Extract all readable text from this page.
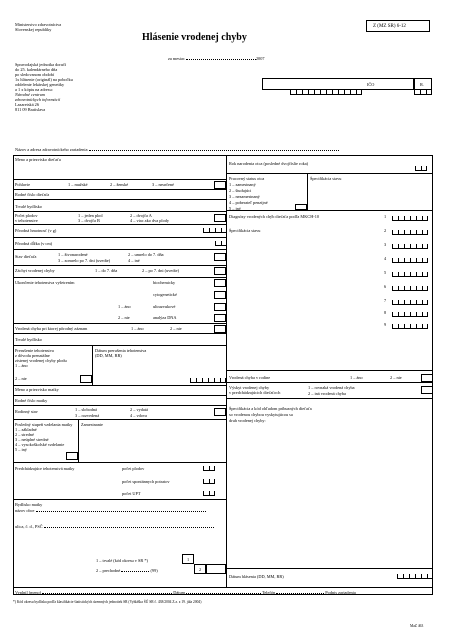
Ministerstvo zdravotníctva
Slovenskej republiky
Z (MZ SR) 6-12
Hlásenie vrodenej chyby
za mesiac	2007
Spravodajská jednotka doručí
do 25. kalendárneho dňa
po sledovanom období
1x hlásenie (originál) na pobočku
oddelenie lekárskej genetiky
a 1 x kópiu na adresu:
Národné centrum
zdravotníckych informácií
Lazaretská 26
811 09 Bratislava
IČO	R.
Názov a adresa zdravotníckeho zariadenia
Meno a priezvisko dieťaťa
Pohlavie	1 – mužské	2 – ženské	3 – neurčené
Rodné číslo dieťaťa
Trvalé bydlisko
Počet plodov
v tehotenstve
1 – jeden plod	2 – dvojča A
3 – dvojča B	4 – viac ako dva plody
Pôrodná hmotnosť (v g)
Pôrodná dĺžka (v cm)
Stav dieťaťa	1 – živonarodené	2 – umrelo do 7. dňa
3 – zomrelo po 7. dni (uvedte)	4 – iné
Záchyt vrodenej chyby	1 – do 7. dňa	2 – po 7. dni (uvedte)
Ukončenie tehotenstva vyšetrením	biochemicky
cytogenetické
ultrazvukové
analýza DNA
1 – áno
2 – nie
Vrodená chyba pri ktorej pôrodný záznam	1 – áno	2 – nie
Trvalé bydlisko
Prerušenie tehotenstva
z dôvodu prenatálne
zistenej vrodenej chyby plodu
1 – áno
2 – nie
Dátum prerušenia tehotenstva
(DD, MM, RR)
Meno a priezvisko matky
Rodné číslo matky
Rodinný stav	1 – slobodná	2 – vydatá
3 – rozvedená	4 – vdova
Posledný stupeň vzdelania matky
1 – základné
2 – stredné
3 – neúplné stredné
4 – vysokoškolské vzdelanie
5 – iný
Zamestnanie
Predchádzajúce tehotenstvá matky	počet plodov
počet spontánnych potratov
počet UPT
Bydlisko matky
názov obce
ulica, č. d., PSČ
1 – trvalé (kód okresu v SR *)
2 – prechodné	(99)
1
2
Rok narodenia otca (posledné dvojčíslie roka)
Pracovný status otca
1 – zamestnaný
2 – študujúci
3 – nezamestnaný
4 – poberateľ penzijné
5 – iný
Špecifikácia stavu
Diagnózy vrodených chýb dieťaťa podľa MKCH-10
Špecifikácia stavu
1
2
3
4
5
6
7
8
9
Vrodená chyba v rodine	1 – áno	2 – nie
Výskyt vrodenej chyby
v predchádzajúcich dieťaťoch
1 – rovnaká vrodená chyba
2 – iná vrodená chyba
Špecifikácia a kód ohľadom príbuzných dieťaťa
so vrodenou chybou vyskytujúcou sa
druh vrodenej chyby:
Dátum hlásenia (DD, MM, RR)
Vyplnil (meno)	Dátum	Telefón	Podpis zariadenia
*) Kód okresu bydliska podľa klasifikácie štatistických územných jednotiek SR (Vyhláška ŠÚ SR č. 438/2004 Z.z. z 19. júla 2004)
MaZ 463
